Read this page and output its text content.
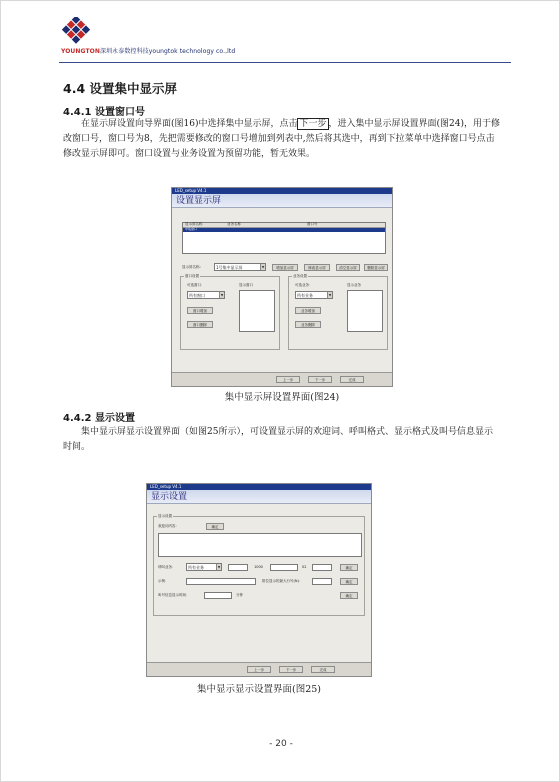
YOUNGTON深圳永泰数控科技youngtok technology co.,ltd
4.4 设置集中显示屏
4.4.1 设置窗口号
在显示屏设置向导界面(图16)中选择集中显示屏，点击 下一步 ，进入集中显示屏设置界面(图24)，用于修改窗口号，窗口号为8，先把需要修改的窗口号增加到列表中,然后将其选中，再到下拉菜单中选择窗口号点击修改显示屏即可。窗口设置与业务设置为预留功能，暂无效果。
LED_setup V4.1
设置显示屏
显示屏名称	业务名称	窗口号
中集窗口
显示屏名称:	1号集中显示屏	▼	增加显示屏	修改显示屏	清空显示屏	删除显示屏
窗口设置
可选窗口：	显示窗口
所有窗口	▼
窗口增加
窗口删除
业务设置
可选业务：	显示业务
所有业务	▼
业务增加
业务删除
上一步	下一步	完成
集中显示屏设置界面(图24)
4.4.2 显示设置
集中显示屏显示设置界面（如图25所示），可设置显示屏的欢迎词、呼叫格式、显示格式及叫号信息显示时间。
LED_setup V4.1
显示设置
显示设置
欢迎词内容：	确定
呼叫业务：	所有业务	▼	1000	02	确定
示例：	排位显示的最大行号(N)：	确定
叫号信息显示时间：	分钟	确定
上一步	下一步	完成
集中显示显示设置界面(图25)
- 20 -
